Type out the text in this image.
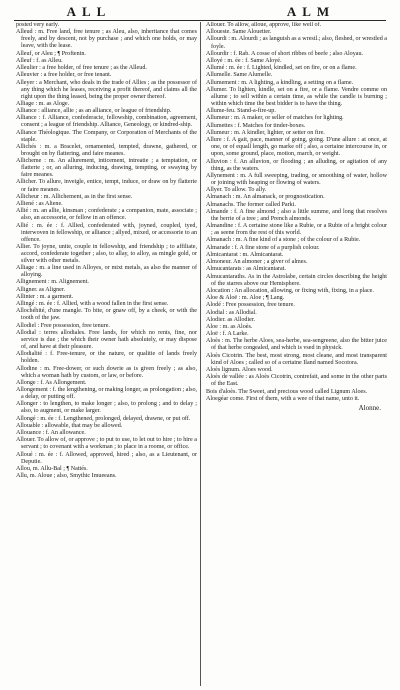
ALL	ALM
posted very early.
Alleud : m. Free land, free tenure ; as Aleu, also, inheritance that comes freely, and by descent, not by purchase ; and which one holds, or may leave, with the lease.
Alleuf, or Aleu ; ¶ Proftenin.
Alleuf : f. as Alleu.
Alleulier : a free holder, of free tenure ; as the Alleud.
Alleuvier : a free holder, or free tenant.
Alleyer : a Merchant, who deals in the trade of Allies ; as the possessor of any thing which he leases, receiving a profit thereof, and claims all the right upon the thing leased, being the proper owner thereof.
Alliage : m. as Aloge.
Alliance : alliance, allie ; as an alliance, or league of friendship.
Alliance : f. Alliance, confederacie, fellowship, combination, agreement, consent ; a league of friendship. Alliance, Geneology, or kindred-ship.
Alliance Théologique. The Company, or Corporation of Merchants of the staple.
Allichés : m. a Bracelet, ornamented, tempted, drawne, gathered, or brought on by flattering, and faire meanes.
Allicheme : m. An allurement, inticement, intreatie ; a temptation, or flatterie ; or, an alluring, inducing, drawing, tempting, or swaying by faire meanes.
Allicher. To allure, inveigle, entice, tempt, induce, or draw on by flatterie or faire meanes.
Allicheur : m. Allichement, as in the first sense.
Alliené : as Aliene.
Allié : m. an allie, kinsman ; confederate ; a companion, mate, associate ; also, an accessorie, or fellow in an offence.
Allié : m. ée : f. Allied, confederated with, joyned, coupled, tyed, interwoven in fellowship, or alliance ; allyed, mixed, or accessorie to an offence.
Allier. To joyne, unite, couple in fellowship, and friendship ; to affiliate, accord, confederate together ; also, to allay, to alloy, as mingle gold, or silver with other metals.
Alliage : m. a line used in Alloyes, or mixt metals, as also the manner of alloying.
Allignement : m. Alignement.
Alligner. as Aligner.
Allinter : m. a garment.
Allingé : m. ée : f. Allied, with a wood fallen in the first sense.
Allochéhité, d'une mangle. To bite, or gnaw off, by a cheek, or with the tooth of the jaw.
Allodiel : Free possession, free tenure.
Allodial : terres allodiales. Free lands, for which no rents, fine, nor service is due ; the which their owner hath absolutely, or may dispose of, and have at their pleasure.
Allodialité : f. Free-tenure, or the nature, or qualitie of lands freely holden.
Allodine : m. Free-dower, or such dowrie as is given freely ; as also, which a woman hath by custom, or law, or before.
Allonge : f. As Allongement.
Allongement : f. the lengthening, or making longer, as prolongation ; also, a delay, or putting off.
Allonger : to lengthen, to make longer ; also, to prolong ; and to delay ; also, to augment, or make larger.
Allongé : m. ée : f. Lengthened, prolonged, delayed, drawne, or put off.
Allouable : allowable, that may be allowed.
Allouance : f. An allowance.
Allouer. To allow of, or approve ; to put to use, to let out to hire ; to hire a servant ; to covenant with a workman ; to place in a roome, or office.
Alloué : m. ée : f. Allowed, approved, hired ; also, as a Lieutenant, or Deputie.
Allou, m. Allu-Bal ; ¶ Nattés.
Allu, m. Aloue ; also, Smythic Imueeans.
Allouer. To allow, alloue, approve, like well of.
Alloueste. Same Alouetter.
Allourdi : m. Alourdi ; as languish as a wrestl.; also, fleshed, or wrestled a foyle.
Allourdir : f. Rab. A cosse of short ribbes of beefe ; also Aloyau.
Alloyé : m. ée : f. Same Aloyé.
Allumé : m. ée : f. Lighted, kindled, set on fire, or on a flame.
Allumelle. Same Alumelle.
Allumement : m. A lighting, a kindling, a setting on a flame.
Allumer. To lighten, kindle, set on a fire, or a flame. Vendre comme on allume ; to sell within a certain time, as while the candle is burning ; within which time the best bidder is to have the thing.
Allume-feu. Stand-a-fire-up.
Allumeur : m. A maker, or seller of matches for lighting.
Allumettes : f. Matches for tinder-boxes.
Allumeur : m. A kindler, lighter, or setter on fire.
Allure : f. A gait, pace, manner of going, going. D'une allure : at once, at one, or of equall length, go marke off ; also, a certaine intercourse in, or upon, some ground, place, motion, march, or weight.
Alluvion : f. An alluvion, or flooding ; an alluding, or agitation of any thing, as the waters.
Allynement : m. A full sweeping, trading, or smoothing of water, hollow or joining with heaping or flowing of waters.
Allyer. To allow. To ally.
Almanach : m. An almanack, or prognostication.
Almanachs. The former called Parki.
Almande : f. A fine almond ; also a little summe, and long that resolves the berrie of a tree ; and Prench almonds.
Almandine : f. A certaine stone like a Rubie, or a Rubie of a bright colour ; as seene from the rest of this world.
Almanach : m. A fine kind of a stone ; of the colour of a Rubie.
Almarade : f. A fine stone of a purplish colour.
Almicantarat : m. Almicantarat.
Almoneur. An almoner ; a giver of almes.
Almucantarats : as Almicantarat.
Almucantaraths. As in the Astrolabe, certain circles describing the height of the starres above our Hemisphere.
Alocation : An allocation, allowing, or fixing with, fixing, in a place.
Aloe & Aloë : m. Aloe ; ¶ Lang.
Alodé : Free possession, free tenure.
Alodial : as Allodial.
Alodier. as Allodier.
Aloe : m. as Aloès.
Aloë : f. A Larke.
Aloès : m. The herbe Aloes, sea-herbe, sea-sengreene, also the bitter juice of that herbe congealed, and which is vsed in physick.
Aloès Cicotrin. The best, most strong, most cleane, and most transparent kind of Aloes ; called so of a certaine Iland named Socotora.
Aloès lignum. Aloes wood.
Aloès de vallée : as Aloès Cicotrin, contrefait, and some in the other parts of the East.
Bois d'aloès. The Sweet, and precious wood called Lignum Aloes.
Aloegéar come. First of them, with a wee of that name, unto it.
Alonne.
